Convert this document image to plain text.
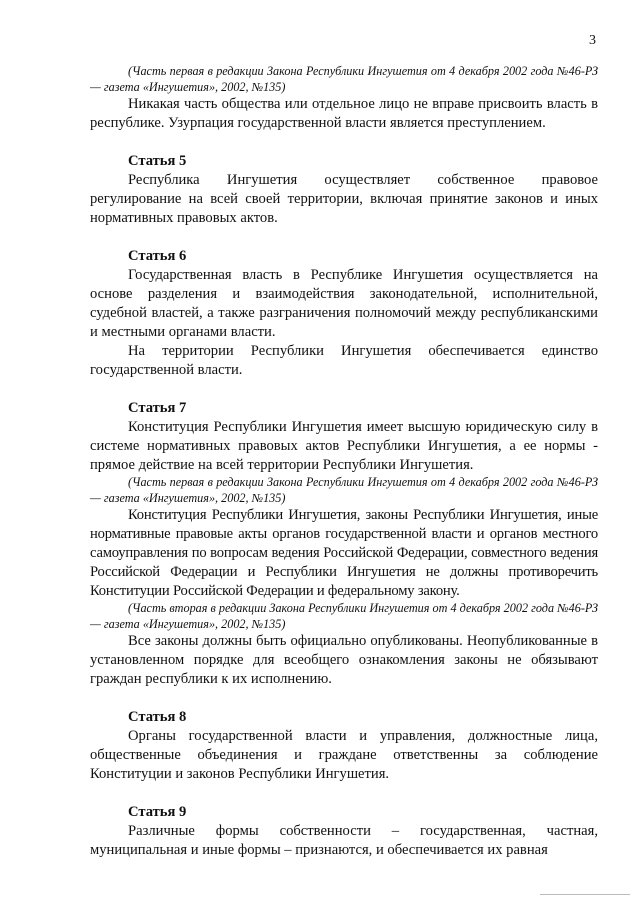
3

(Часть первая в редакции Закона Республики Ингушетия от 4 декабря 2002 года №46-РЗ — газета «Ингушетия», 2002, №135)

Никакая часть общества или отдельное лицо не вправе присвоить власть в республике. Узурпация государственной власти является преступлением.

Статья 5

Республика Ингушетия осуществляет собственное правовое регулирование на всей своей территории, включая принятие законов и иных нормативных правовых актов.

Статья 6

Государственная власть в Республике Ингушетия осуществляется на основе разделения и взаимодействия законодательной, исполнительной, судебной властей, а также разграничения полномочий между республиканскими и местными органами власти.

На территории Республики Ингушетия обеспечивается единство государственной власти.

Статья 7

Конституция Республики Ингушетия имеет высшую юридическую силу в системе нормативных правовых актов Республики Ингушетия, а ее нормы - прямое действие на всей территории Республики Ингушетия.

(Часть первая в редакции Закона Республики Ингушетия от 4 декабря 2002 года №46-РЗ — газета «Ингушетия», 2002, №135)

Конституция Республики Ингушетия, законы Республики Ингушетия, иные нормативные правовые акты органов государственной власти и органов местного самоуправления по вопросам ведения Российской Федерации, совместного ведения Российской Федерации и Республики Ингушетия не должны противоречить Конституции Российской Федерации и федеральному закону.

(Часть вторая в редакции Закона Республики Ингушетия от 4 декабря 2002 года №46-РЗ — газета «Ингушетия», 2002, №135)

Все законы должны быть официально опубликованы. Неопубликованные в установленном порядке для всеобщего ознакомления законы не обязывают граждан республики к их исполнению.

Статья 8

Органы государственной власти и управления, должностные лица, общественные объединения и граждане ответственны за соблюдение Конституции и законов Республики Ингушетия.

Статья 9

Различные формы собственности – государственная, частная, муниципальная и иные формы – признаются, и обеспечивается их равная
